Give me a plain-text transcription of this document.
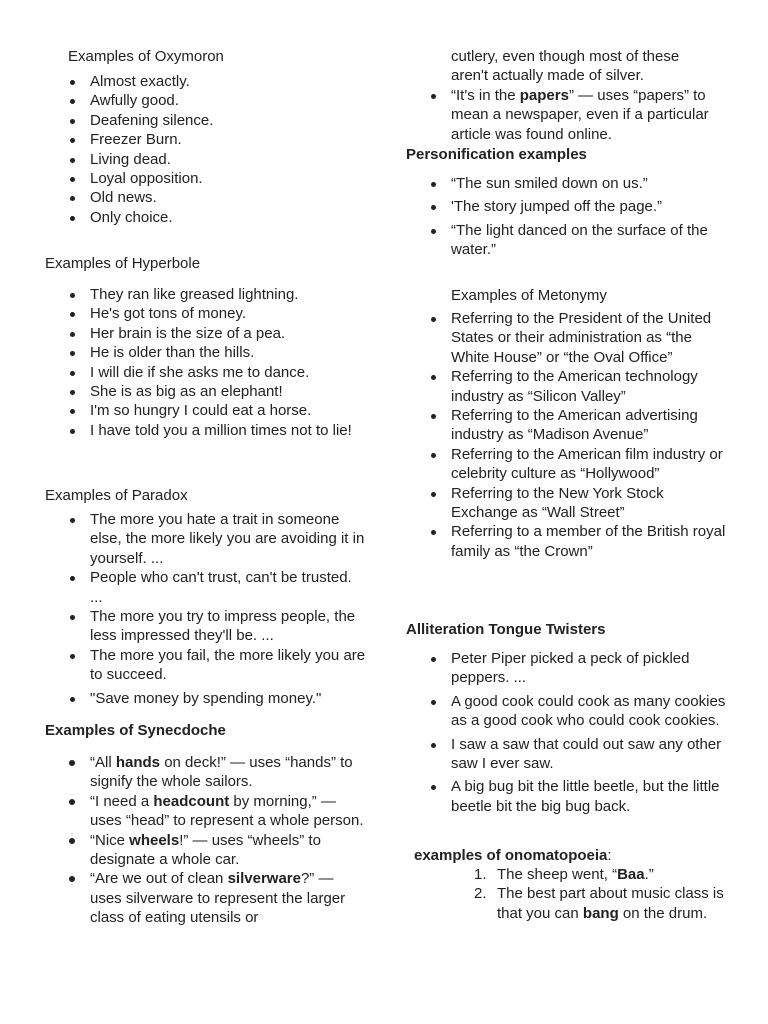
Examples of Oxymoron
Almost exactly.
Awfully good.
Deafening silence.
Freezer Burn.
Living dead.
Loyal opposition.
Old news.
Only choice.
Examples of Hyperbole
They ran like greased lightning.
He's got tons of money.
Her brain is the size of a pea.
He is older than the hills.
I will die if she asks me to dance.
She is as big as an elephant!
I'm so hungry I could eat a horse.
I have told you a million times not to lie!
Examples of Paradox
The more you hate a trait in someone else, the more likely you are avoiding it in yourself. ...
People who can't trust, can't be trusted. ...
The more you try to impress people, the less impressed they'll be. ...
The more you fail, the more likely you are to succeed.
"Save money by spending money."
Examples of Synecdoche
“All hands on deck!” — uses “hands” to signify the whole sailors.
“I need a headcount by morning,” — uses “head” to represent a whole person.
“Nice wheels!” — uses “wheels” to designate a whole car.
“Are we out of clean silverware?” — uses silverware to represent the larger class of eating utensils or
cutlery, even though most of these aren't actually made of silver.
“It's in the papers” — uses “papers” to mean a newspaper, even if a particular article was found online.
Personification examples
“The sun smiled down on us.”
'The story jumped off the page.”
“The light danced on the surface of the water.”
Examples of Metonymy
Referring to the President of the United States or their administration as “the White House” or “the Oval Office”
Referring to the American technology industry as “Silicon Valley”
Referring to the American advertising industry as “Madison Avenue”
Referring to the American film industry or celebrity culture as “Hollywood”
Referring to the New York Stock Exchange as “Wall Street”
Referring to a member of the British royal family as “the Crown”
Alliteration Tongue Twisters
Peter Piper picked a peck of pickled peppers. ...
A good cook could cook as many cookies as a good cook who could cook cookies.
I saw a saw that could out saw any other saw I ever saw.
A big bug bit the little beetle, but the little beetle bit the big bug back.
examples of onomatopoeia:
1. The sheep went, “Baa.”
2. The best part about music class is that you can bang on the drum.
